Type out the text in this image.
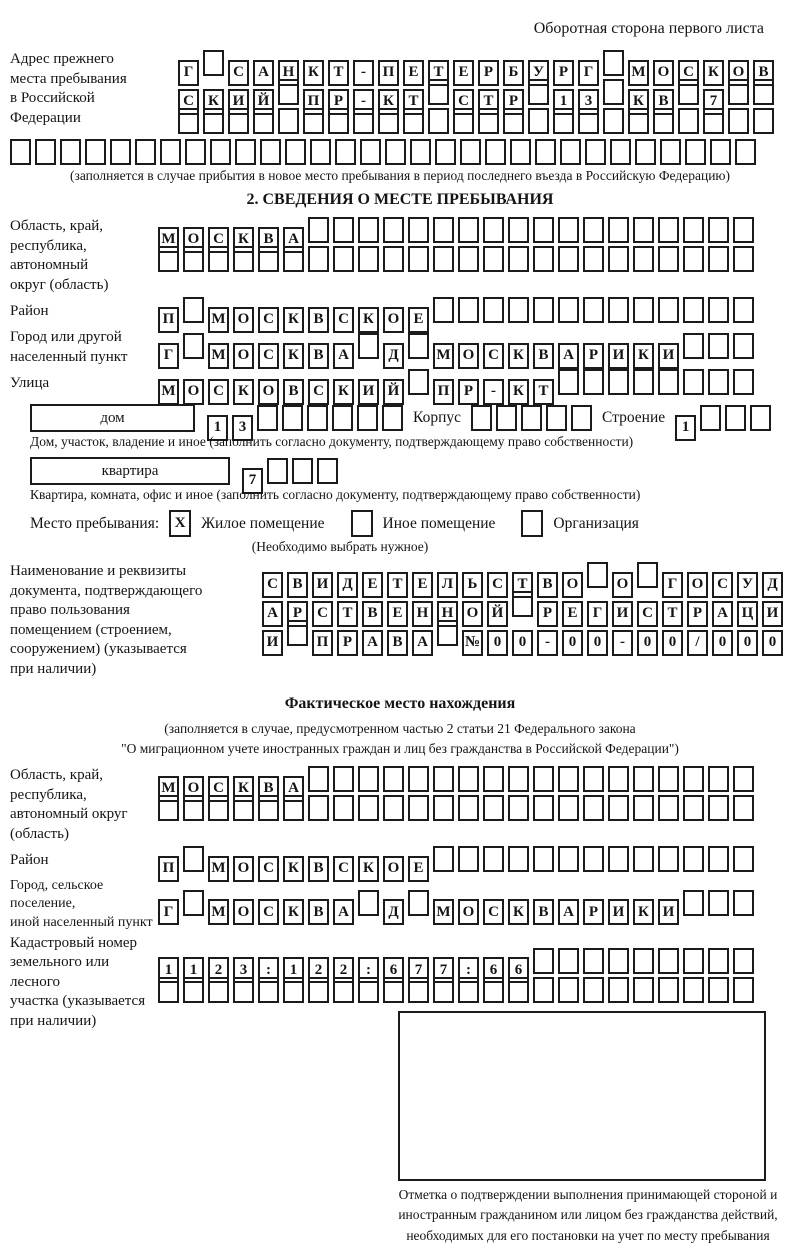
Оборотная сторона первого листа
Адрес прежнего
места пребывания
в Российской
Федерации
Г	С А Н К Т - П Е Т Е Р Б У Р Г	М О С К О В
С К И Й	П Р - К Т	С Т Р	1 3	К В	7
(заполняется в случае прибытия в новое место пребывания в период последнего въезда в Российскую Федерацию)
2. СВЕДЕНИЯ О МЕСТЕ ПРЕБЫВАНИЯ
Область, край,
республика,
автономный
округ (область)
М О С К В А
Район
П М О С К В С К О Е
Город или другой
населенный пункт	Г	М О С К В А	Д	М О С К В А Р И К И
Улица
М О С К О В С К И Й	П Р - К Т
дом
1 3
Корпус	Строение
1
Дом, участок, владение и иное (заполнить согласно документу, подтверждающему право собственности)
квартира
7
Квартира, комната, офис и иное (заполнить согласно документу, подтверждающему право собственности)
Место пребывания:	X	Жилое помещение	Иное помещение	Организация
(Необходимо выбрать нужное)
Наименование и реквизиты
документа, подтверждающего
право пользования
помещением (строением,
сооружением) (указывается
при наличии)
С В И Д Е Т Е Л Ь С Т В О	О	Г О С У Д
А Р С Т В Е Н Н О Й	Р Е Г И С Т Р А Ц И
И	П Р А В А № 0 0 - 0 0 - 0 0 / 0 0 0
Фактическое место нахождения
(заполняется в случае, предусмотренном частью 2 статьи 21 Федерального закона
"О миграционном учете иностранных граждан и лиц без гражданства в Российской Федерации")
Область, край,
республика,
автономный округ
(область)
М О С К В А
Район
П М О С К В С К О Е
Город, сельское поселение,
иной населенный пункт
Г	М О С К В А	Д	М О С К В А Р И К И
Кадастровый номер
земельного или лесного
участка (указывается
при наличии)
1 1 2 3 : 1 2 2 : 6 7 7 : 6 6
Отметка о подтверждении выполнения принимающей стороной и иностранным гражданином или лицом без гражданства действий, необходимых для его постановки на учет по месту пребывания
